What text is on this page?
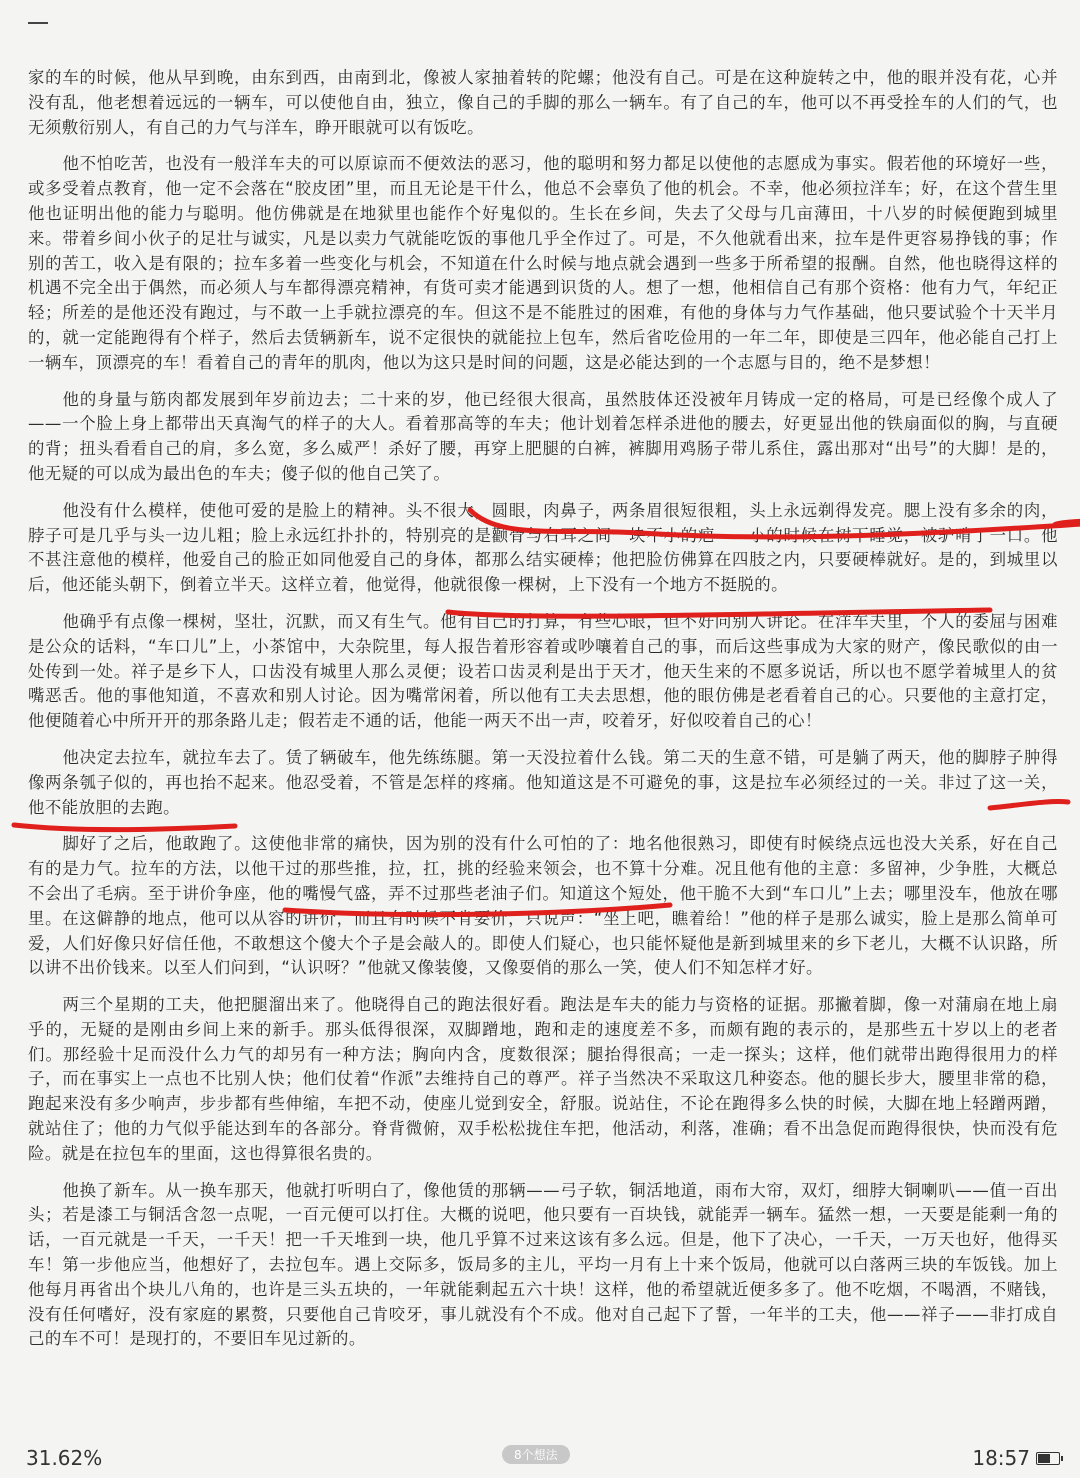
家的车的时候，他从早到晚，由东到西，由南到北，像被人家抽着转的陀螺；他没有自己。可是在这种旋转之中，他的眼并没有花，心并没有乱，他老想着远远的一辆车，可以使他自由，独立，像自己的手脚的那么一辆车。有了自己的车，他可以不再受拴车的人们的气，也无须敷衍别人，有自己的力气与洋车，睁开眼就可以有饭吃。

他不怕吃苦，也没有一般洋车夫的可以原谅而不便效法的恶习，他的聪明和努力都足以使他的志愿成为事实。假若他的环境好一些，或多受着点教育，他一定不会落在“胶皮团”里，而且无论是干什么，他总不会辜负了他的机会。不幸，他必须拉洋车；好，在这个营生里他也证明出他的能力与聪明。他仿佛就是在地狱里也能作个好鬼似的。生长在乡间，失去了父母与几亩薄田，十八岁的时候便跑到城里来。带着乡间小伙子的足壮与诚实，凡是以卖力气就能吃饭的事他几乎全作过了。可是，不久他就看出来，拉车是件更容易挣钱的事；作别的苦工，收入是有限的；拉车多着一些变化与机会，不知道在什么时候与地点就会遇到一些多于所希望的报酬。自然，他也晓得这样的机遇不完全出于偶然，而必须人与车都得漂亮精神，有货可卖才能遇到识货的人。想了一想，他相信自己有那个资格：他有力气，年纪正轻；所差的是他还没有跑过，与不敢一上手就拉漂亮的车。但这不是不能胜过的困难，有他的身体与力气作基础，他只要试验个十天半月的，就一定能跑得有个样子，然后去赁辆新车，说不定很快的就能拉上包车，然后省吃俭用的一年二年，即使是三四年，他必能自己打上一辆车，顶漂亮的车！看着自己的青年的肌肉，他以为这只是时间的问题，这是必能达到的一个志愿与目的，绝不是梦想！

他的身量与筋肉都发展到年岁前边去；二十来的岁，他已经很大很高，虽然肢体还没被年月铸成一定的格局，可是已经像个成人了——一个脸上身上都带出天真淘气的样子的大人。看着那高等的车夫；他计划着怎样杀进他的腰去，好更显出他的铁扇面似的胸，与直硬的背；扭头看看自己的肩，多么宽，多么威严！杀好了腰，再穿上肥腿的白裤，裤脚用鸡肠子带儿系住，露出那对“出号”的大脚！是的，他无疑的可以成为最出色的车夫；傻子似的他自己笑了。

他没有什么模样，使他可爱的是脸上的精神。头不很大，圆眼，肉鼻子，两条眉很短很粗，头上永远剃得发亮。腮上没有多余的肉，脖子可是几乎与头一边儿粗；脸上永远红扑扑的，特别亮的是颧骨与右耳之间一块不小的疤——小的时候在树下睡觉，被驴啃了一口。他不甚注意他的模样，他爱自己的脸正如同他爱自己的身体，都那么结实硬棒；他把脸仿佛算在四肢之内，只要硬棒就好。是的，到城里以后，他还能头朝下，倒着立半天。这样立着，他觉得，他就很像一棵树，上下没有一个地方不挺脱的。

他确乎有点像一棵树，坚壮，沉默，而又有生气。他有自己的打算，有些心眼，但不好向别人讲论。在洋车夫里，个人的委屈与困难是公众的话料，“车口儿”上，小茶馆中，大杂院里，每人报告着形容着或吵嚷着自己的事，而后这些事成为大家的财产，像民歌似的由一处传到一处。祥子是乡下人，口齿没有城里人那么灵便；设若口齿灵利是出于天才，他天生来的不愿多说话，所以也不愿学着城里人的贫嘴恶舌。他的事他知道，不喜欢和别人讨论。因为嘴常闲着，所以他有工夫去思想，他的眼仿佛是老看着自己的心。只要他的主意打定，他便随着心中所开开的那条路儿走；假若走不通的话，他能一两天不出一声，咬着牙，好似咬着自己的心！

他决定去拉车，就拉车去了。赁了辆破车，他先练练腿。第一天没拉着什么钱。第二天的生意不错，可是躺了两天，他的脚脖子肿得像两条瓠子似的，再也抬不起来。他忍受着，不管是怎样的疼痛。他知道这是不可避免的事，这是拉车必须经过的一关。非过了这一关，他不能放胆的去跑。

脚好了之后，他敢跑了。这使他非常的痛快，因为别的没有什么可怕的了：地名他很熟习，即使有时候绕点远也没大关系，好在自己有的是力气。拉车的方法，以他干过的那些推，拉，扛，挑的经验来领会，也不算十分难。况且他有他的主意：多留神，少争胜，大概总不会出了毛病。至于讲价争座，他的嘴慢气盛，弄不过那些老油子们。知道这个短处，他干脆不大到“车口儿”上去；哪里没车，他放在哪里。在这僻静的地点，他可以从容的讲价，而且有时候不肯要价，只说声：“坐上吧，瞧着给！”他的样子是那么诚实，脸上是那么简单可爱，人们好像只好信任他，不敢想这个傻大个子是会敲人的。即使人们疑心，也只能怀疑他是新到城里来的乡下老儿，大概不认识路，所以讲不出价钱来。以至人们问到，“认识呀？”他就又像装傻，又像耍俏的那么一笑，使人们不知怎样才好。

两三个星期的工夫，他把腿溜出来了。他晓得自己的跑法很好看。跑法是车夫的能力与资格的证据。那撇着脚，像一对蒲扇在地上扇乎的，无疑的是刚由乡间上来的新手。那头低得很深，双脚蹭地，跑和走的速度差不多，而颇有跑的表示的，是那些五十岁以上的老者们。那经验十足而没什么力气的却另有一种方法；胸向内含，度数很深；腿抬得很高；一走一探头；这样，他们就带出跑得很用力的样子，而在事实上一点也不比别人快；他们仗着“作派”去维持自己的尊严。祥子当然决不采取这几种姿态。他的腿长步大，腰里非常的稳，跑起来没有多少响声，步步都有些伸缩，车把不动，使座儿觉到安全，舒服。说站住，不论在跑得多么快的时候，大脚在地上轻蹭两蹭，就站住了；他的力气似乎能达到车的各部分。脊背微俯，双手松松拢住车把，他活动，利落，准确；看不出急促而跑得很快，快而没有危险。就是在拉包车的里面，这也得算很名贵的。

他换了新车。从一换车那天，他就打听明白了，像他赁的那辆——弓子软，铜活地道，雨布大帘，双灯，细脖大铜喇叭——值一百出头；若是漆工与铜活含忽一点呢，一百元便可以打住。大概的说吧，他只要有一百块钱，就能弄一辆车。猛然一想，一天要是能剩一角的话，一百元就是一千天，一千天！把一千天堆到一块，他几乎算不过来这该有多么远。但是，他下了决心，一千天，一万天也好，他得买车！第一步他应当，他想好了，去拉包车。遇上交际多，饭局多的主儿，平均一月有上十来个饭局，他就可以白落两三块的车饭钱。加上他每月再省出个块儿八角的，也许是三头五块的，一年就能剩起五六十块！这样，他的希望就近便多多了。他不吃烟，不喝酒，不赌钱，没有任何嗜好，没有家庭的累赘，只要他自己肯咬牙，事儿就没有个不成。他对自己起下了誓，一年半的工夫，他——祥子——非打成自己的车不可！是现打的，不要旧车见过新的。

31.62%	8个想法	18:57
